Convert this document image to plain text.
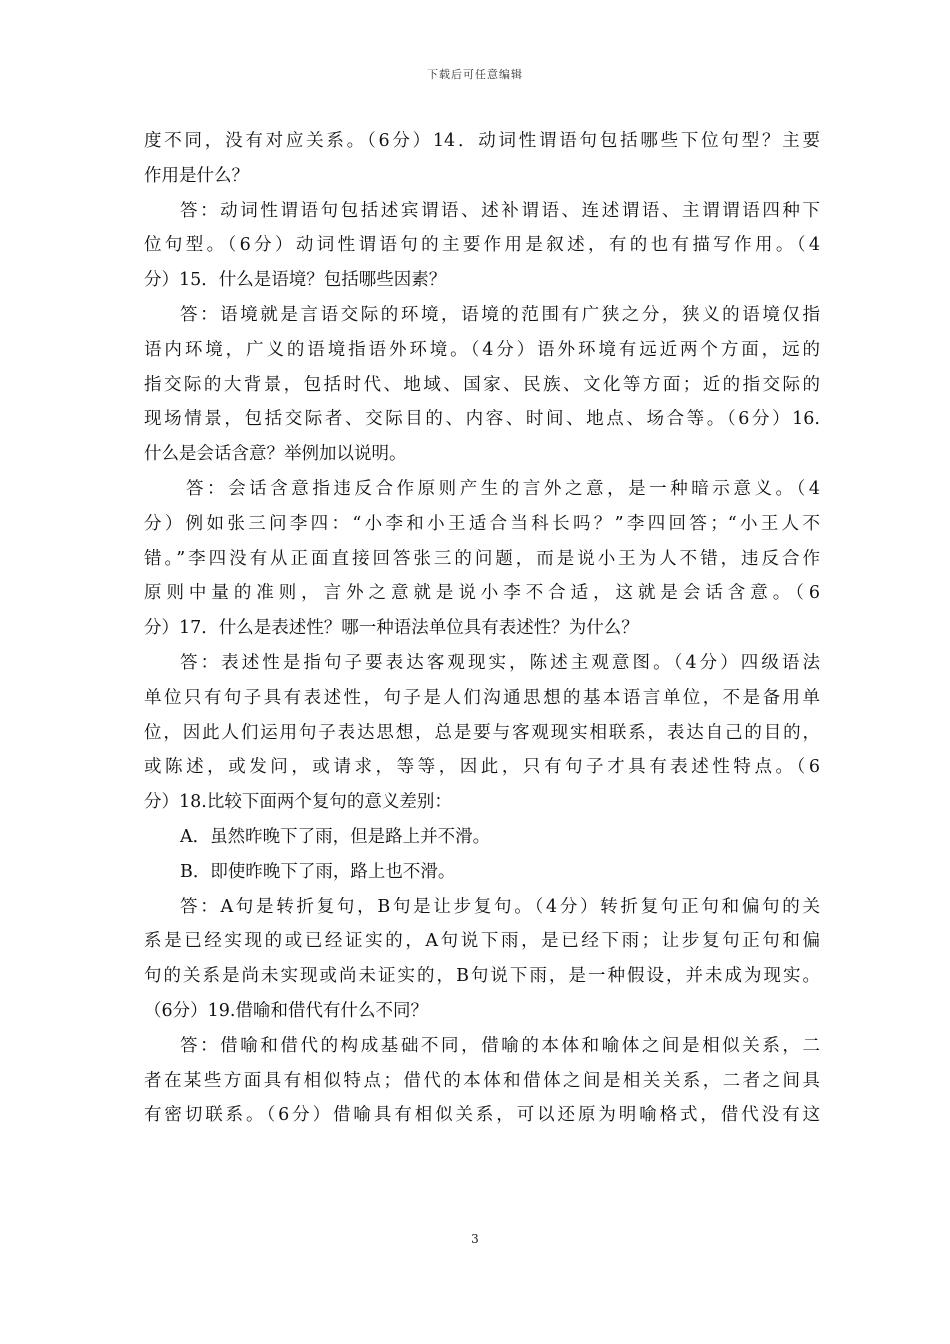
下载后可任意编辑
度不同，没有对应关系。（6分）14．动词性谓语句包括哪些下位句型？主要
作用是什么？
答：动词性谓语句包括述宾谓语、述补谓语、连述谓语、主谓谓语四种下
位句型。（6分）动词性谓语句的主要作用是叙述，有的也有描写作用。（4
分）15．什么是语境？包括哪些因素？
答：语境就是言语交际的环境，语境的范围有广狭之分，狭义的语境仅指
语内环境，广义的语境指语外环境。（4分）语外环境有远近两个方面，远的
指交际的大背景，包括时代、地域、国家、民族、文化等方面；近的指交际的
现场情景，包括交际者、交际目的、内容、时间、地点、场合等。（6分）16.
什么是会话含意？举例加以说明。
答：会话含意指违反合作原则产生的言外之意，是一种暗示意义。（4
分）例如张三问李四：“小李和小王适合当科长吗？”李四回答；“小王人不
错。”李四没有从正面直接回答张三的问题，而是说小王为人不错，违反合作
原则中量的准则，言外之意就是说小李不合适，这就是会话含意。（6
分）17．什么是表述性？哪一种语法单位具有表述性？为什么？
答：表述性是指句子要表达客观现实，陈述主观意图。（4分）四级语法
单位只有句子具有表述性，句子是人们沟通思想的基本语言单位，不是备用单
位，因此人们运用句子表达思想，总是要与客观现实相联系，表达自己的目的，
或陈述，或发问，或请求，等等，因此，只有句子才具有表述性特点。（6
分）18.比较下面两个复句的意义差别：
A．虽然昨晚下了雨，但是路上并不滑。
B．即使昨晚下了雨，路上也不滑。
答：A句是转折复句，B句是让步复句。（4分）转折复句正句和偏句的关
系是已经实现的或已经证实的，A句说下雨，是已经下雨；让步复句正句和偏
句的关系是尚未实现或尚未证实的，B句说下雨，是一种假设，并未成为现实。
（6分）19.借喻和借代有什么不同？
答：借喻和借代的构成基础不同，借喻的本体和喻体之间是相似关系，二
者在某些方面具有相似特点；借代的本体和借体之间是相关关系，二者之间具
有密切联系。（6分）借喻具有相似关系，可以还原为明喻格式，借代没有这
3
